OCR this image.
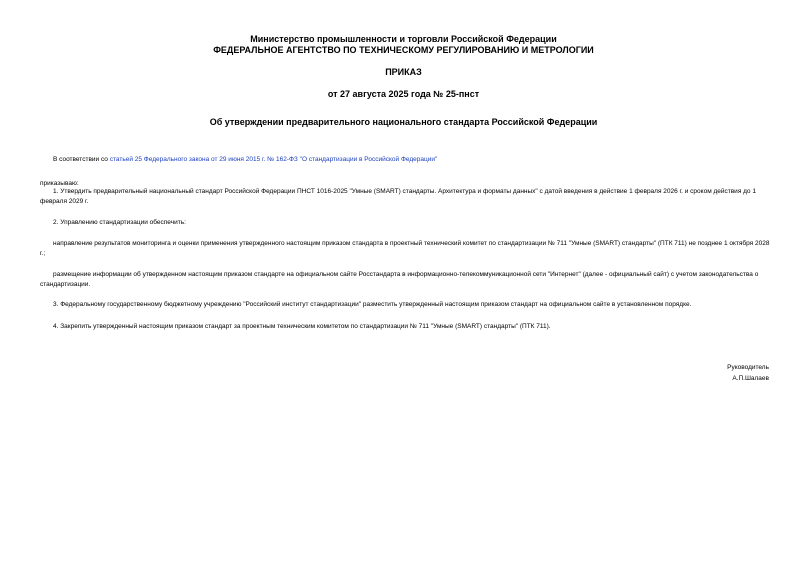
Министерство промышленности и торговли Российской Федерации
ФЕДЕРАЛЬНОЕ АГЕНТСТВО ПО ТЕХНИЧЕСКОМУ РЕГУЛИРОВАНИЮ И МЕТРОЛОГИИ
ПРИКАЗ
от 27 августа 2025 года № 25-пнст
Об утверждении предварительного национального стандарта Российской Федерации
В соответствии со статьей 25 Федерального закона от 29 июня 2015 г. № 162-ФЗ "О стандартизации в Российской Федерации"
приказываю:
1. Утвердить предварительный национальный стандарт Российской Федерации ПНСТ 1016-2025 "Умные (SMART) стандарты. Архитектура и форматы данных" с датой введения в действие 1 февраля 2026 г. и сроком действия до 1 февраля 2029 г.
2. Управлению стандартизации обеспечить:
направление результатов мониторинга и оценки применения утвержденного настоящим приказом стандарта в проектный технический комитет по стандартизации № 711 "Умные (SMART) стандарты" (ПТК 711) не позднее 1 октября 2028 г.;
размещение информации об утвержденном настоящим приказом стандарте на официальном сайте Росстандарта в информационно-телекоммуникационной сети "Интернет" (далее - официальный сайт) с учетом законодательства о стандартизации.
3. Федеральному государственному бюджетному учреждению "Российский институт стандартизации" разместить утвержденный настоящим приказом стандарт на официальном сайте в установленном порядке.
4. Закрепить утвержденный настоящим приказом стандарт за проектным техническим комитетом по стандартизации № 711 "Умные (SMART) стандарты" (ПТК 711).
Руководитель
А.П.Шалаев
